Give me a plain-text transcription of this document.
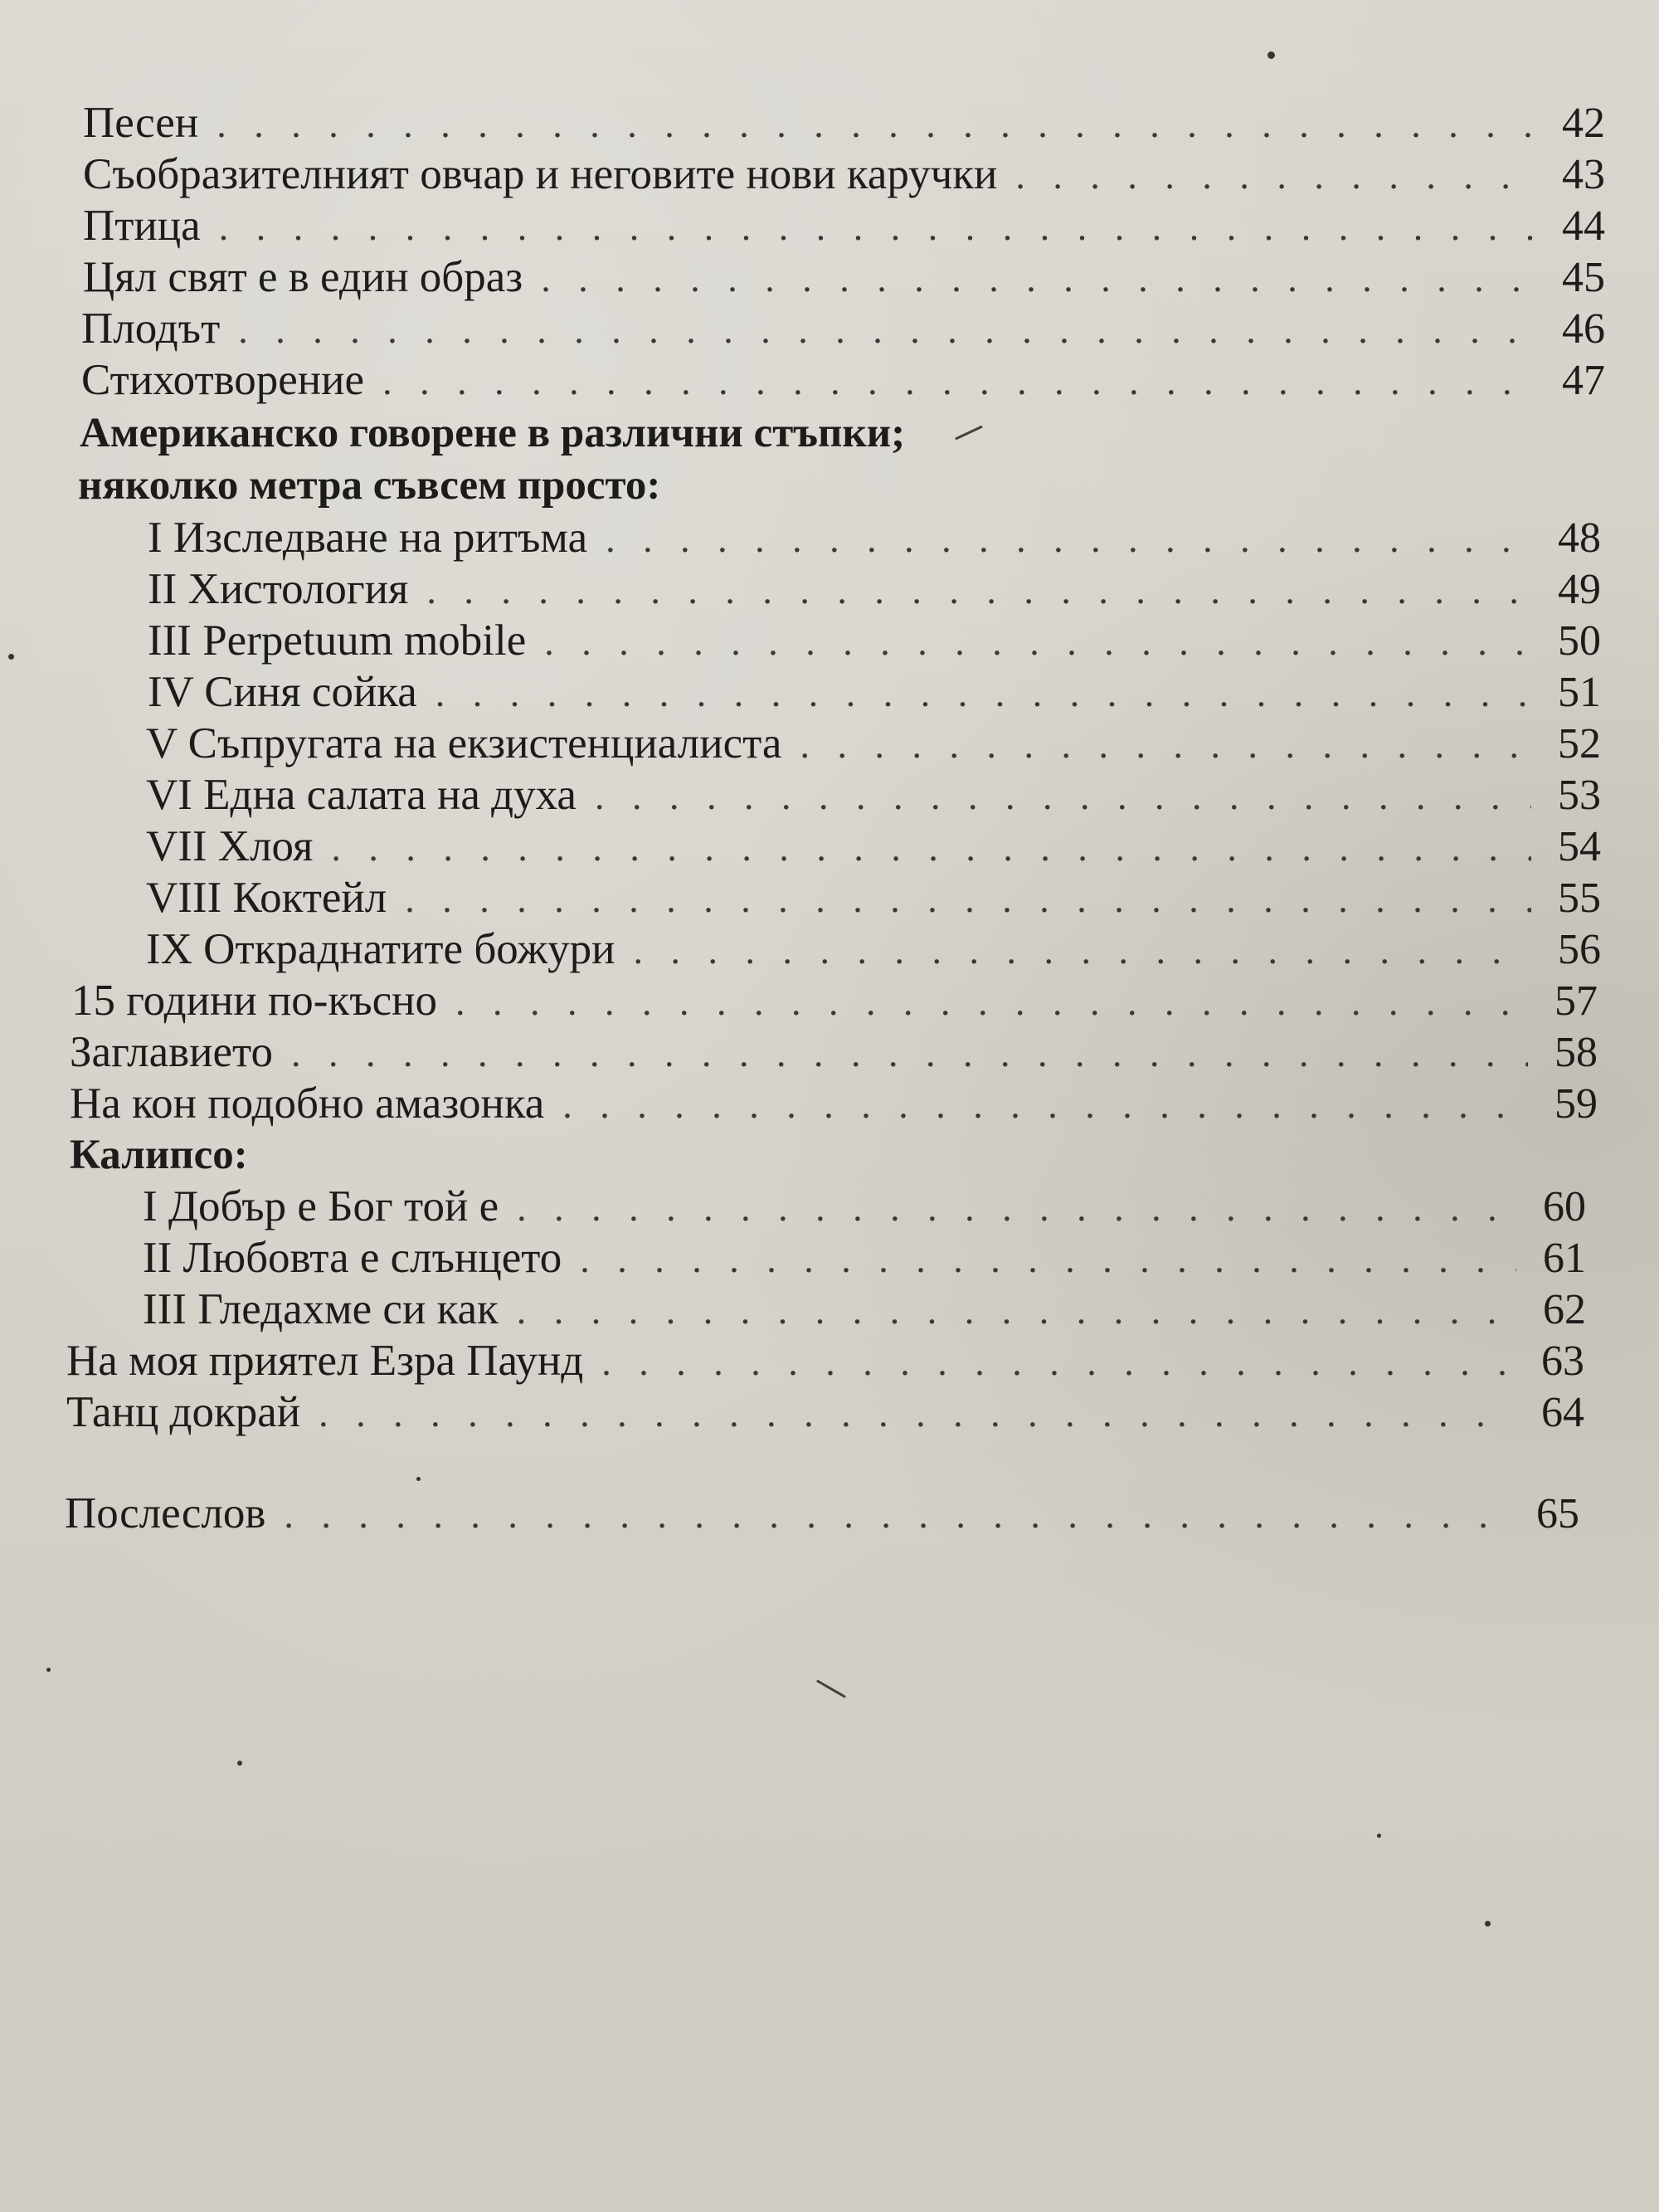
Песен . . .	42
Съобразителният овчар и неговите нови каручки . . .	43
Птица . . .	44
Цял свят е в един образ . . .	45
Плодът . . .	46
Стихотворение . . .	47
Американско говорене в различни стъпки;
няколко метра съвсем просто:
I Изследване на ритъма . . .	48
II Хистология . . .	49
III Perpetuum mobile . . .	50
IV Синя сойка . . .	51
V Съпругата на екзистенциалиста . . .	52
VI Една салата на духа . . .	53
VII Хлоя . . .	54
VIII Коктейл . . .	55
IX Откраднатите божури . . .	56
15 години по-късно . . .	57
Заглавието . . .	58
На кон подобно амазонка . . .	59
Калипсо:
I Добър е Бог той е . . .	60
II Любовта е слънцето . . .	61
III Гледахме си как . . .	62
На моя приятел Езра Паунд . . .	63
Танц докрай . . .	64
Послеслов . . .	65
